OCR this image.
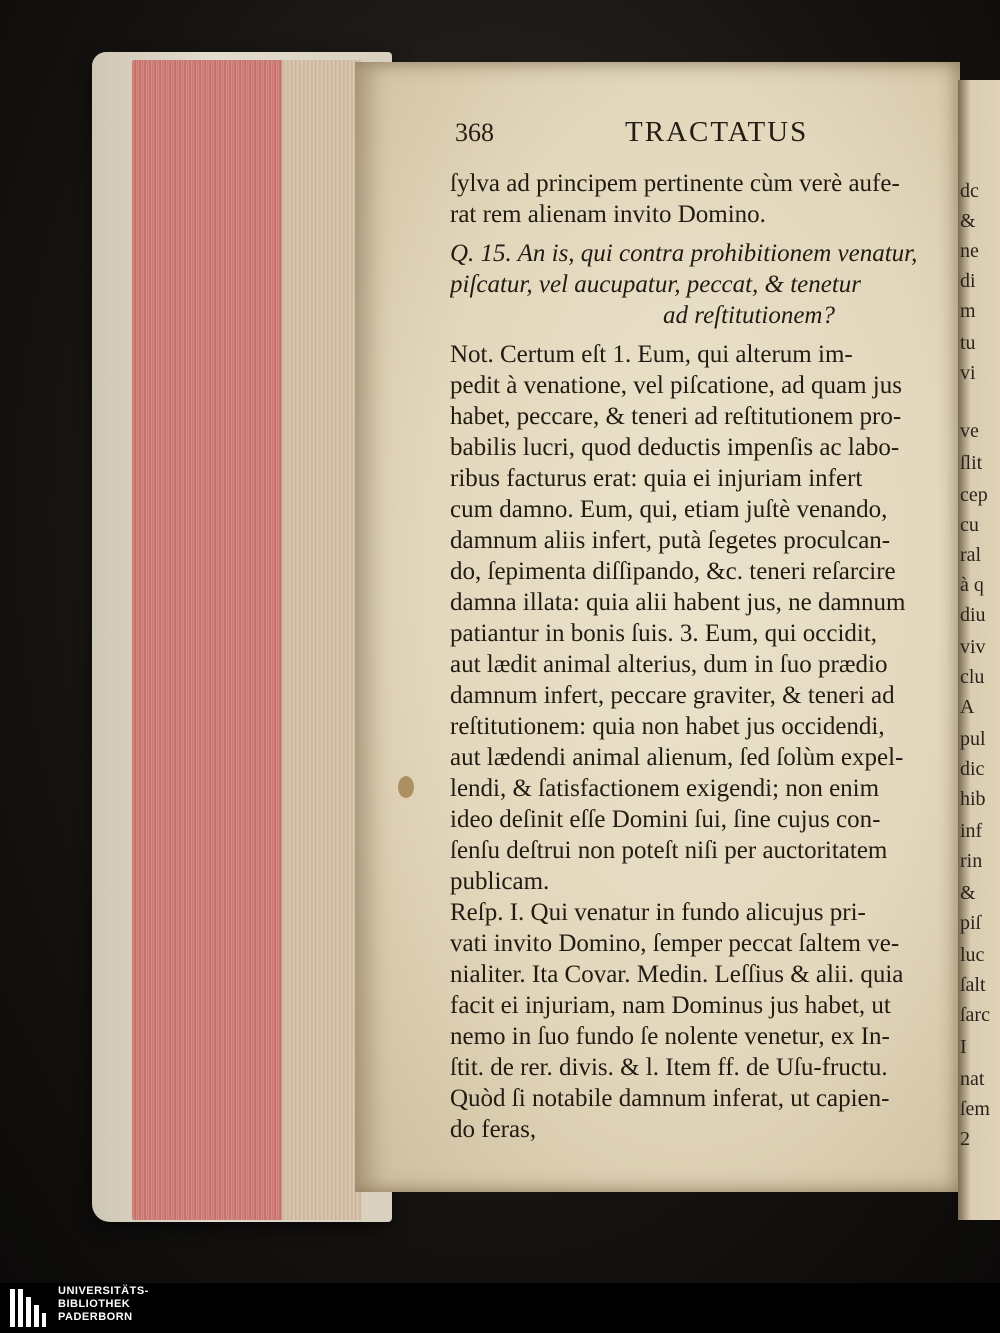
dc
&
ne
di
m
tu
vi
ve
ſlit
cep
cu
ral
à q
diu
viv
clu
A
pul
dic
hib
inf
rin
&
piſ
luc
ſalt
ſarc
I
nat
ſem
2
368	TRACTATUS
ſylva ad principem pertinente cùm verè aufe-
rat rem alienam invito Domino.
Q. 15. An is, qui contra prohibitionem venatur,
piſcatur, vel aucupatur, peccat, & tenetur
ad reſtitutionem?
Not. Certum eſt 1. Eum, qui alterum im-
pedit à venatione, vel piſcatione, ad quam jus
habet, peccare, & teneri ad reſtitutionem pro-
babilis lucri, quod deductis impenſis ac labo-
ribus facturus erat: quia ei injuriam infert
cum damno. Eum, qui, etiam juſtè venando,
damnum aliis infert, putà ſegetes proculcan-
do, ſepimenta diſſipando, &c. teneri reſarcire
damna illata: quia alii habent jus, ne damnum
patiantur in bonis ſuis. 3. Eum, qui occidit,
aut lædit animal alterius, dum in ſuo prædio
damnum infert, peccare graviter, & teneri ad
reſtitutionem: quia non habet jus occidendi,
aut lædendi animal alienum, ſed ſolùm expel-
lendi, & ſatisfactionem exigendi; non enim
ideo deſinit eſſe Domini ſui, ſine cujus con-
ſenſu deſtrui non poteſt niſi per auctoritatem
publicam.
Reſp. I. Qui venatur in fundo alicujus pri-
vati invito Domino, ſemper peccat ſaltem ve-
nialiter. Ita Covar. Medin. Leſſius & alii. quia
facit ei injuriam, nam Dominus jus habet, ut
nemo in ſuo fundo ſe nolente venetur, ex In-
ſtit. de rer. divis. & l. Item ff. de Uſu-fructu.
Quòd ſi notabile damnum inferat, ut capien-
do feras,
UNIVERSITÄTS-
BIBLIOTHEK
PADERBORN
